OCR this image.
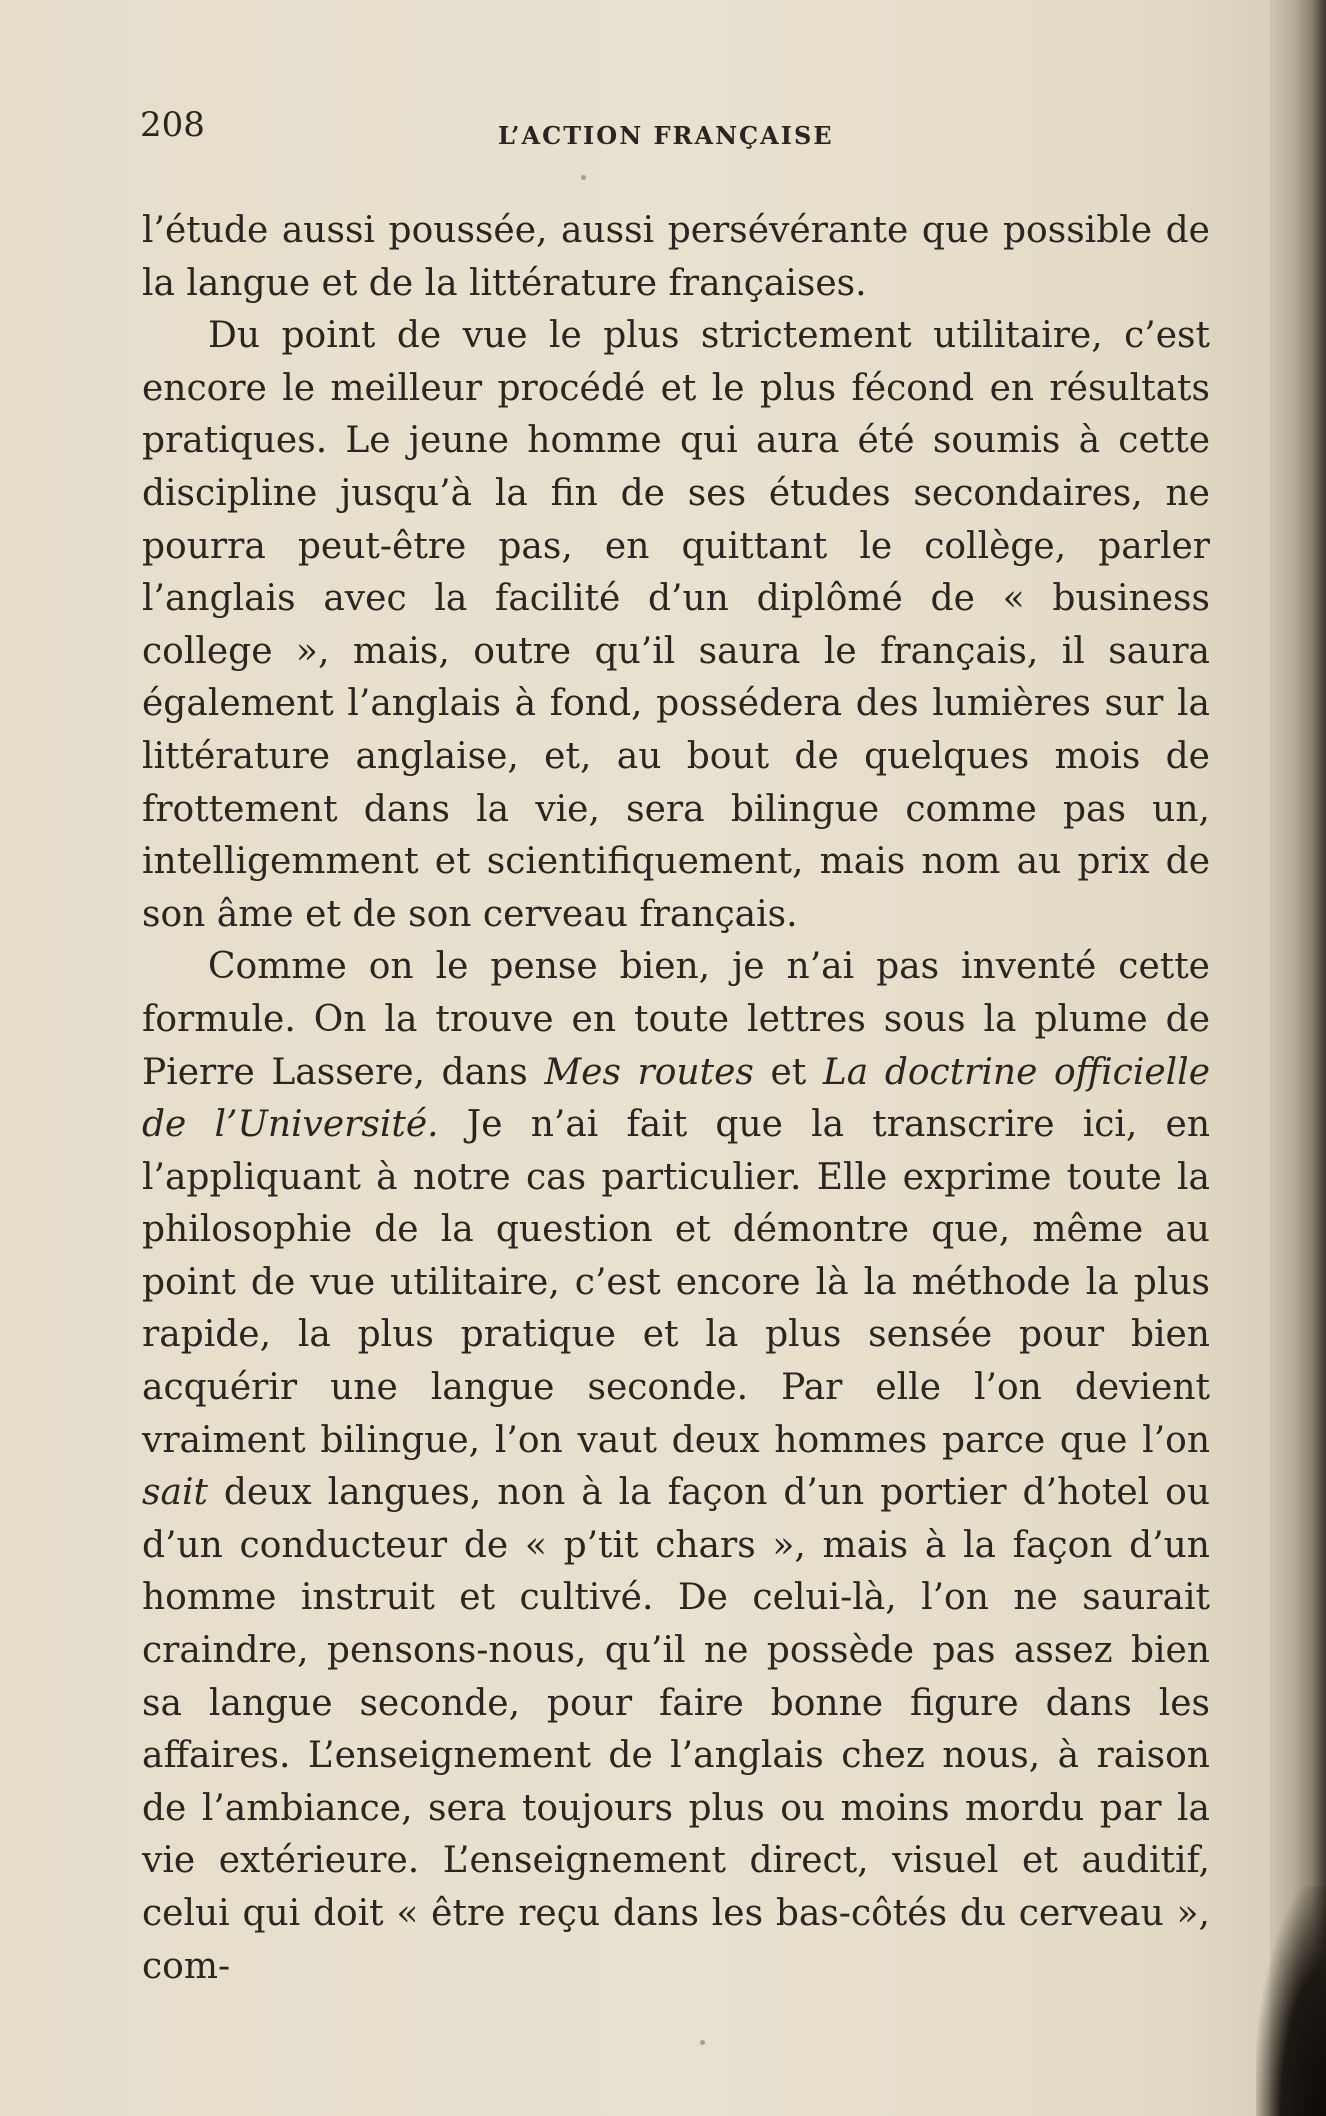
208	L’ACTION FRANÇAISE

l’étude aussi poussée, aussi persévérante que possible de la langue et de la littérature françaises.

Du point de vue le plus strictement utilitaire, c’est encore le meilleur procédé et le plus fécond en résultats pratiques. Le jeune homme qui aura été soumis à cette discipline jusqu’à la fin de ses études secondaires, ne pourra peut-être pas, en quittant le collège, parler l’anglais avec la facilité d’un diplômé de « business college », mais, outre qu’il saura le français, il saura également l’anglais à fond, possédera des lumières sur la littérature anglaise, et, au bout de quelques mois de frottement dans la vie, sera bilingue comme pas un, intelligemment et scientifiquement, mais nom au prix de son âme et de son cerveau français.

Comme on le pense bien, je n’ai pas inventé cette formule. On la trouve en toute lettres sous la plume de Pierre Lassere, dans Mes routes et La doctrine officielle de l’Université. Je n’ai fait que la transcrire ici, en l’appliquant à notre cas particulier. Elle exprime toute la philosophie de la question et démontre que, même au point de vue utilitaire, c’est encore là la méthode la plus rapide, la plus pratique et la plus sensée pour bien acquérir une langue seconde. Par elle l’on devient vraiment bilingue, l’on vaut deux hommes parce que l’on sait deux langues, non à la façon d’un portier d’hotel ou d’un conducteur de « p’tit chars », mais à la façon d’un homme instruit et cultivé. De celui-là, l’on ne saurait craindre, pensons-nous, qu’il ne possède pas assez bien sa langue seconde, pour faire bonne figure dans les affaires. L’enseignement de l’anglais chez nous, à raison de l’ambiance, sera toujours plus ou moins mordu par la vie extérieure. L’enseignement direct, visuel et auditif, celui qui doit « être reçu dans les bas-côtés du cerveau », com-
